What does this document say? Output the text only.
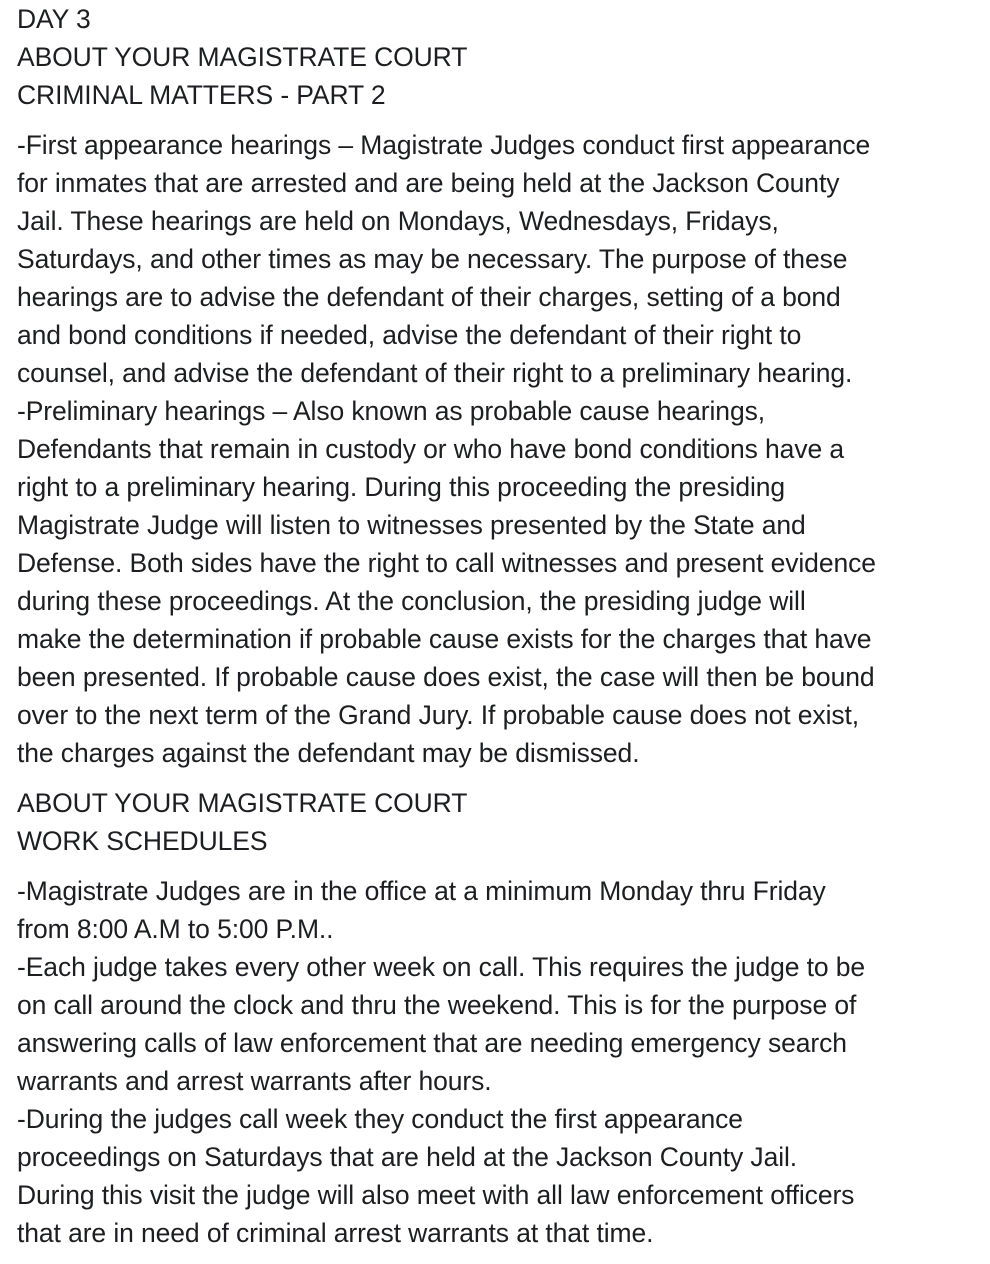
DAY 3
ABOUT YOUR MAGISTRATE COURT
CRIMINAL MATTERS - PART 2
-First appearance hearings – Magistrate Judges conduct first appearance
for inmates that are arrested and are being held at the Jackson County
Jail. These hearings are held on Mondays, Wednesdays, Fridays,
Saturdays, and other times as may be necessary. The purpose of these
hearings are to advise the defendant of their charges, setting of a bond
and bond conditions if needed, advise the defendant of their right to
counsel, and advise the defendant of their right to a preliminary hearing.
-Preliminary hearings – Also known as probable cause hearings,
Defendants that remain in custody or who have bond conditions have a
right to a preliminary hearing. During this proceeding the presiding
Magistrate Judge will listen to witnesses presented by the State and
Defense. Both sides have the right to call witnesses and present evidence
during these proceedings. At the conclusion, the presiding judge will
make the determination if probable cause exists for the charges that have
been presented. If probable cause does exist, the case will then be bound
over to the next term of the Grand Jury. If probable cause does not exist,
the charges against the defendant may be dismissed.
ABOUT YOUR MAGISTRATE COURT
WORK SCHEDULES
-Magistrate Judges are in the office at a minimum Monday thru Friday
from 8:00 A.M to 5:00 P.M..
-Each judge takes every other week on call. This requires the judge to be
on call around the clock and thru the weekend. This is for the purpose of
answering calls of law enforcement that are needing emergency search
warrants and arrest warrants after hours.
-During the judges call week they conduct the first appearance
proceedings on Saturdays that are held at the Jackson County Jail.
During this visit the judge will also meet with all law enforcement officers
that are in need of criminal arrest warrants at that time.
